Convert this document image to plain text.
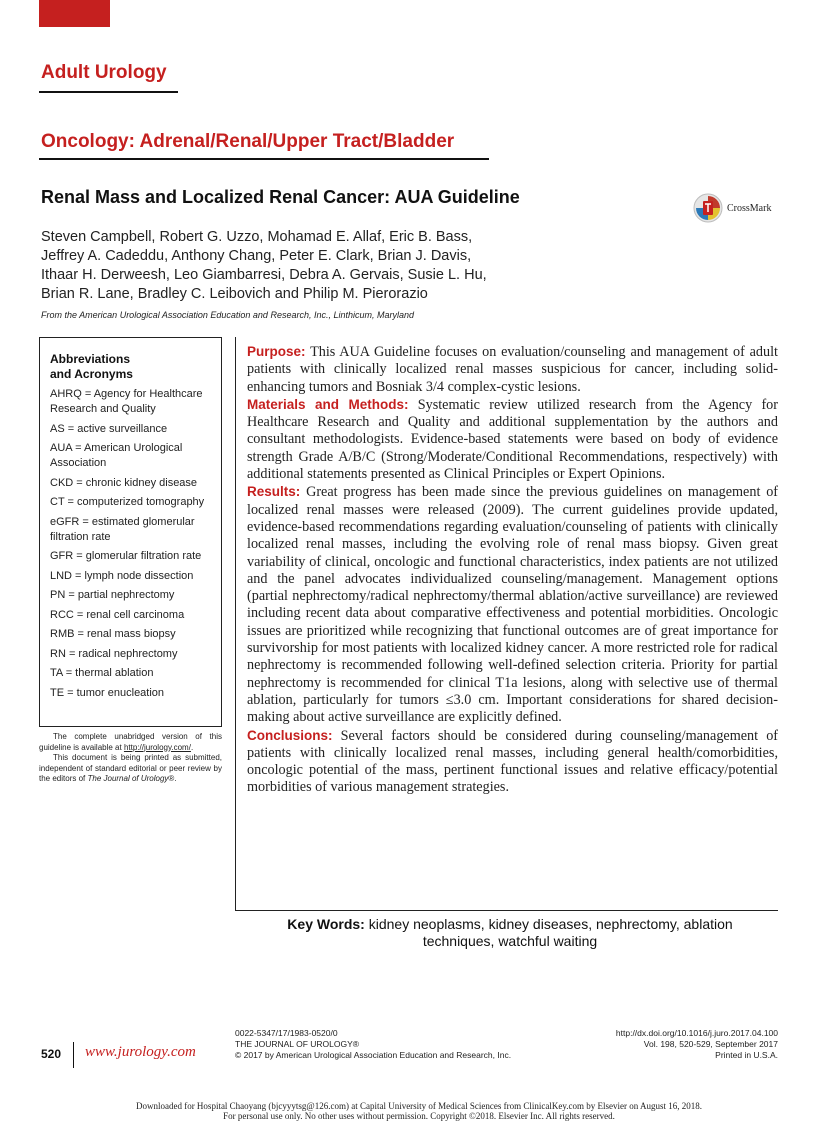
Adult Urology
Oncology: Adrenal/Renal/Upper Tract/Bladder
Renal Mass and Localized Renal Cancer: AUA Guideline
CrossMark
Steven Campbell, Robert G. Uzzo, Mohamad E. Allaf, Eric B. Bass,
Jeffrey A. Cadeddu, Anthony Chang, Peter E. Clark, Brian J. Davis,
Ithaar H. Derweesh, Leo Giambarresi, Debra A. Gervais, Susie L. Hu,
Brian R. Lane, Bradley C. Leibovich and Philip M. Pierorazio
From the American Urological Association Education and Research, Inc., Linthicum, Maryland
Abbreviations
and Acronyms
AHRQ = Agency for Healthcare Research and Quality
AS = active surveillance
AUA = American Urological Association
CKD = chronic kidney disease
CT = computerized tomography
eGFR = estimated glomerular filtration rate
GFR = glomerular filtration rate
LND = lymph node dissection
PN = partial nephrectomy
RCC = renal cell carcinoma
RMB = renal mass biopsy
RN = radical nephrectomy
TA = thermal ablation
TE = tumor enucleation
The complete unabridged version of this guideline is available at http://jurology.com/.
This document is being printed as submitted, independent of standard editorial or peer review by the editors of The Journal of Urology®.

Purpose: This AUA Guideline focuses on evaluation/counseling and management of adult patients with clinically localized renal masses suspicious for cancer, including solid-enhancing tumors and Bosniak 3/4 complex-cystic lesions.

Materials and Methods: Systematic review utilized research from the Agency for Healthcare Research and Quality and additional supplementation by the authors and consultant methodologists. Evidence-based statements were based on body of evidence strength Grade A/B/C (Strong/Moderate/Conditional Recommendations, respectively) with additional statements presented as Clinical Principles or Expert Opinions.

Results: Great progress has been made since the previous guidelines on management of localized renal masses were released (2009). The current guidelines provide updated, evidence-based recommendations regarding evaluation/counseling of patients with clinically localized renal masses, including the evolving role of renal mass biopsy. Given great variability of clinical, oncologic and functional characteristics, index patients are not utilized and the panel advocates individualized counseling/management. Management options (partial nephrectomy/radical nephrectomy/thermal ablation/active surveillance) are reviewed including recent data about comparative effectiveness and potential morbidities. Oncologic issues are prioritized while recognizing that functional outcomes are of great importance for survivorship for most patients with localized kidney cancer. A more restricted role for radical nephrectomy is recommended following well-defined selection criteria. Priority for partial nephrectomy is recommended for clinical T1a lesions, along with selective use of thermal ablation, particularly for tumors ≤3.0 cm. Important considerations for shared decision-making about active surveillance are explicitly defined.

Conclusions: Several factors should be considered during counseling/management of patients with clinically localized renal masses, including general health/comorbidities, oncologic potential of the mass, pertinent functional issues and relative efficacy/potential morbidities of various management strategies.

Key Words: kidney neoplasms, kidney diseases, nephrectomy, ablation techniques, watchful waiting
0022-5347/17/1983-0520/0
THE JOURNAL OF UROLOGY®
© 2017 by American Urological Association Education and Research, Inc.
http://dx.doi.org/10.1016/j.juro.2017.04.100
Vol. 198, 520-529, September 2017
Printed in U.S.A.
520 www.jurology.com
Downloaded for Hospital Chaoyang (bjcyyytsg@126.com) at Capital University of Medical Sciences from ClinicalKey.com by Elsevier on August 16, 2018.
For personal use only. No other uses without permission. Copyright ©2018. Elsevier Inc. All rights reserved.
